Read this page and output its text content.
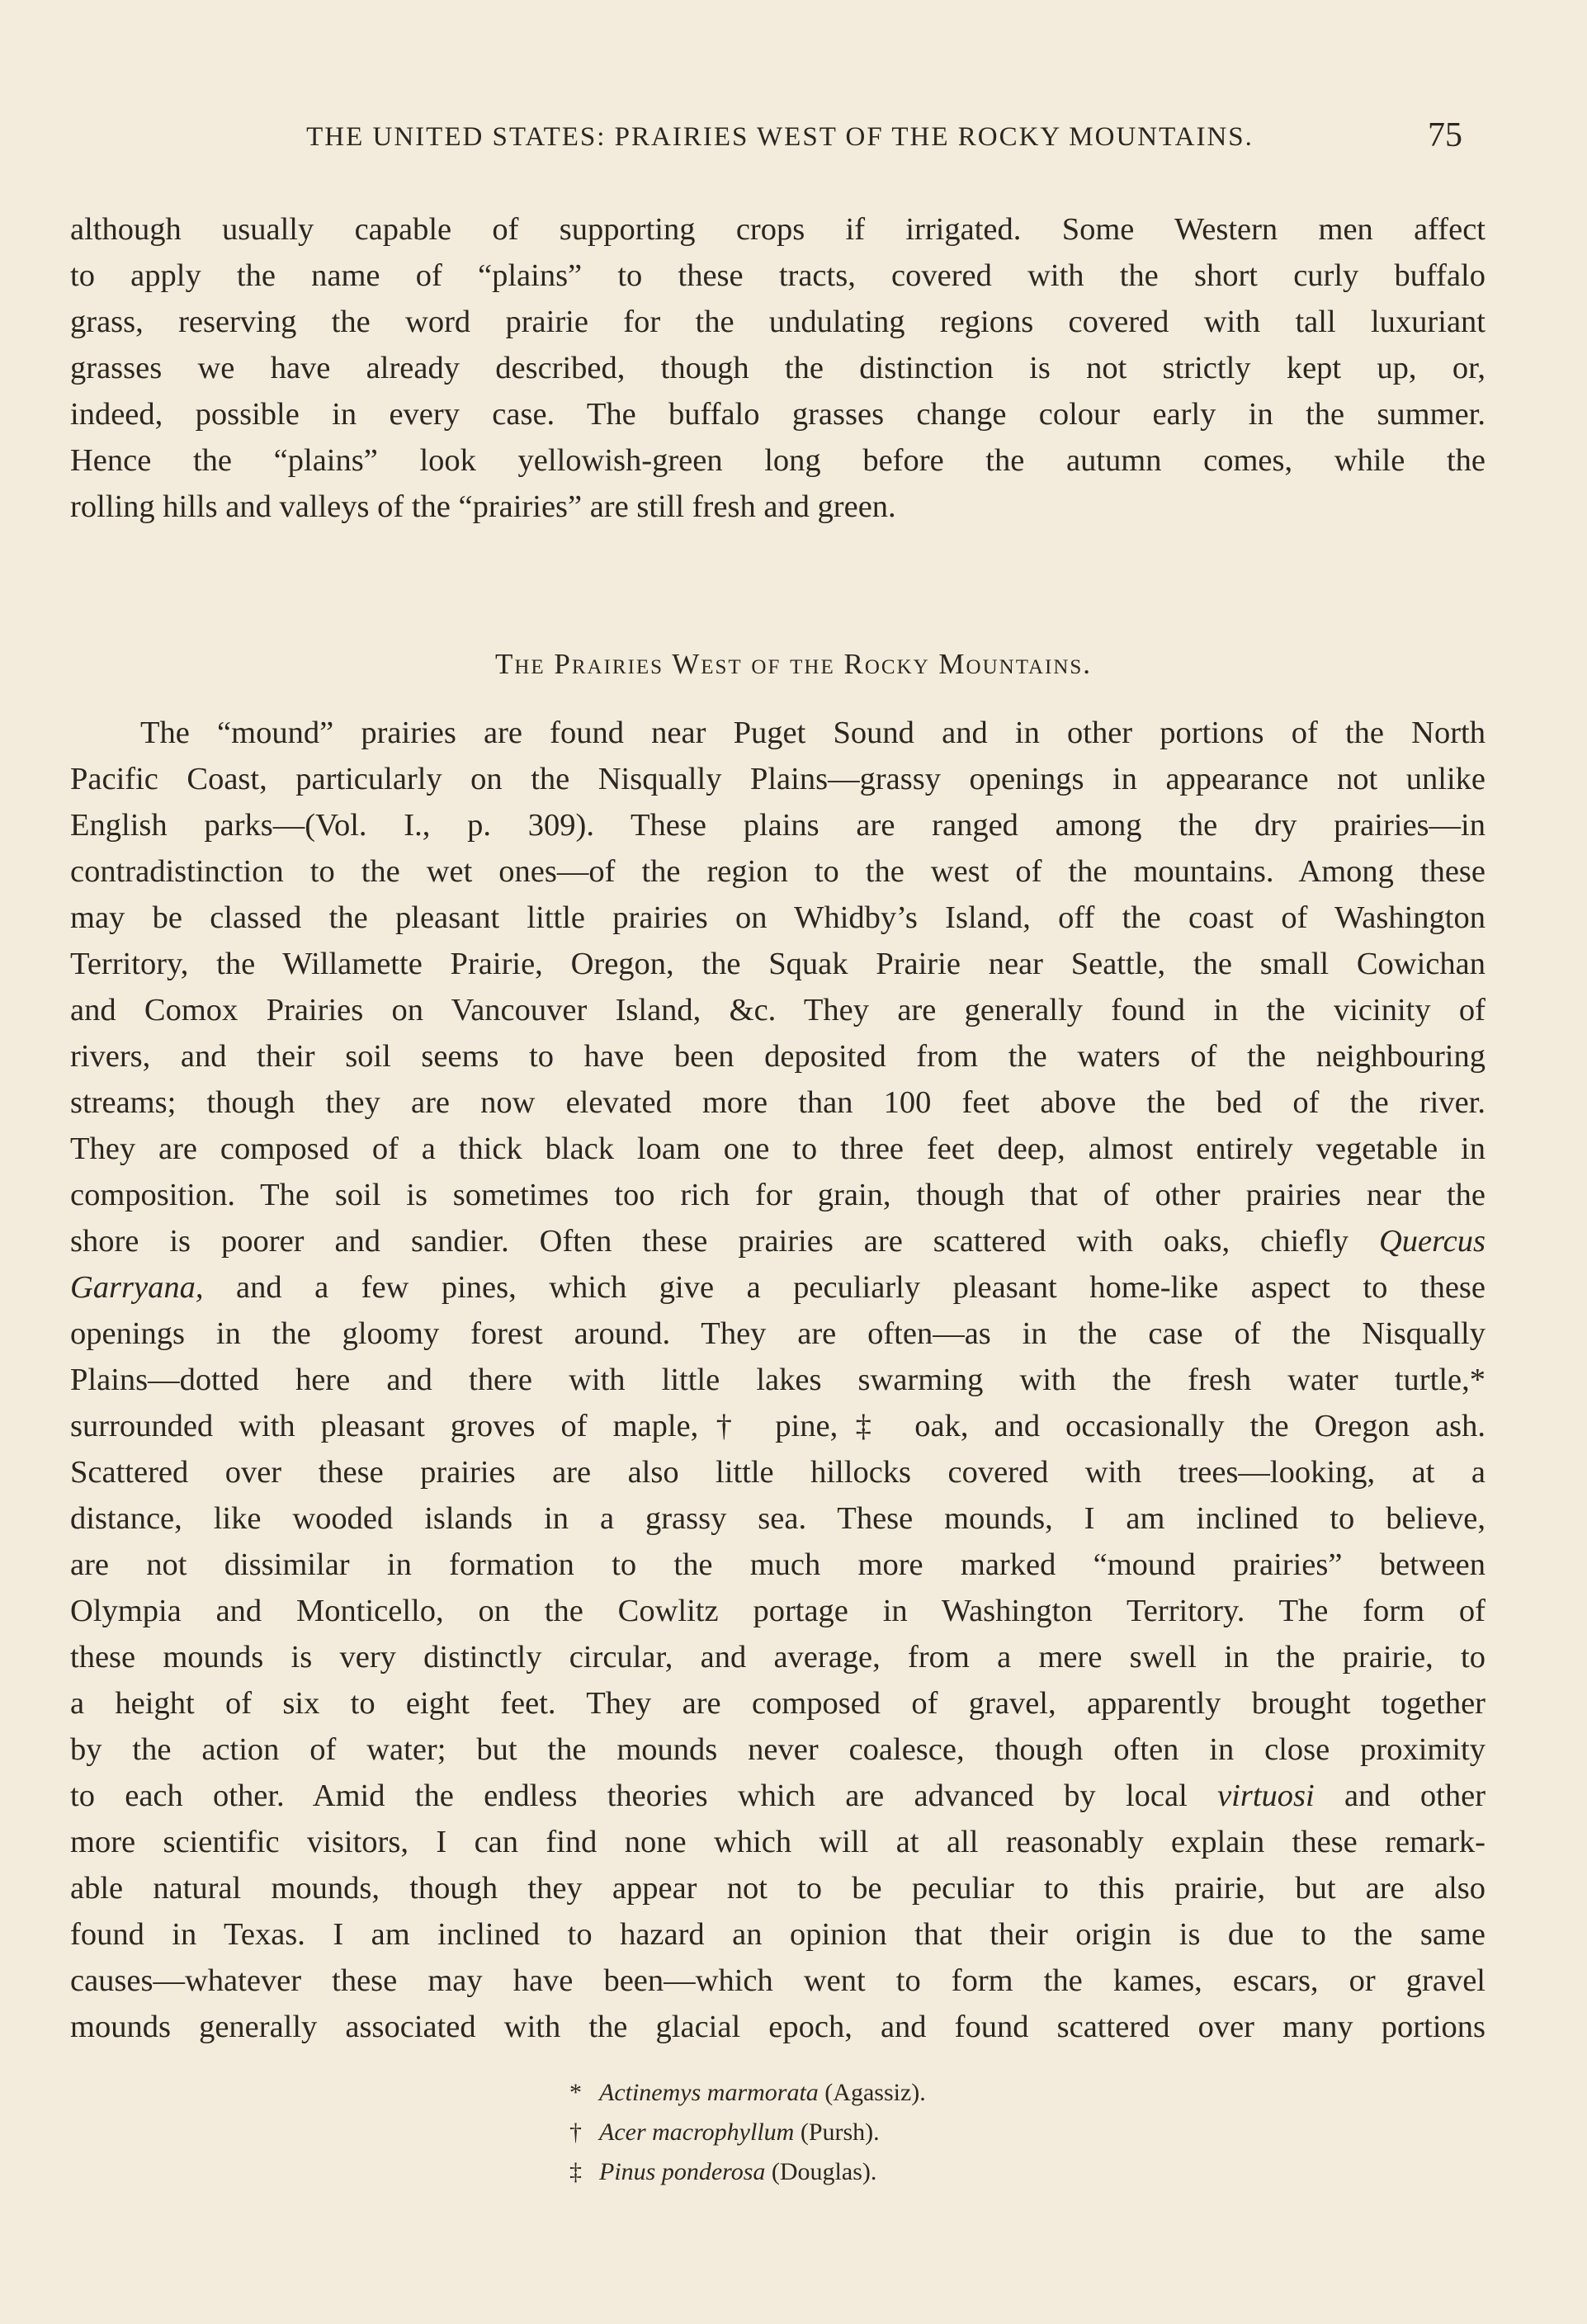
THE UNITED STATES: PRAIRIES WEST OF THE ROCKY MOUNTAINS.	75
although usually capable of supporting crops if irrigated. Some Western men affect
to apply the name of “plains” to these tracts, covered with the short curly buffalo
grass, reserving the word prairie for the undulating regions covered with tall luxuriant
grasses we have already described, though the distinction is not strictly kept up, or,
indeed, possible in every case. The buffalo grasses change colour early in the summer.
Hence the “plains” look yellowish-green long before the autumn comes, while the
rolling hills and valleys of the “prairies” are still fresh and green.
The Prairies West of the Rocky Mountains.
The “mound” prairies are found near Puget Sound and in other portions of the North
Pacific Coast, particularly on the Nisqually Plains—grassy openings in appearance not unlike
English parks—(Vol. I., p. 309). These plains are ranged among the dry prairies—in
contradistinction to the wet ones—of the region to the west of the mountains. Among these
may be classed the pleasant little prairies on Whidby’s Island, off the coast of Washington
Territory, the Willamette Prairie, Oregon, the Squak Prairie near Seattle, the small Cowichan
and Comox Prairies on Vancouver Island, &c. They are generally found in the vicinity of
rivers, and their soil seems to have been deposited from the waters of the neighbouring
streams; though they are now elevated more than 100 feet above the bed of the river.
They are composed of a thick black loam one to three feet deep, almost entirely vegetable in
composition. The soil is sometimes too rich for grain, though that of other prairies near the
shore is poorer and sandier. Often these prairies are scattered with oaks, chiefly Quercus
Garryana, and a few pines, which give a peculiarly pleasant home-like aspect to these
openings in the gloomy forest around. They are often—as in the case of the Nisqually
Plains—dotted here and there with little lakes swarming with the fresh water turtle,*
surrounded with pleasant groves of maple,† pine,‡ oak, and occasionally the Oregon ash.
Scattered over these prairies are also little hillocks covered with trees—looking, at a
distance, like wooded islands in a grassy sea. These mounds, I am inclined to believe,
are not dissimilar in formation to the much more marked “mound prairies” between
Olympia and Monticello, on the Cowlitz portage in Washington Territory. The form of
these mounds is very distinctly circular, and average, from a mere swell in the prairie, to
a height of six to eight feet. They are composed of gravel, apparently brought together
by the action of water; but the mounds never coalesce, though often in close proximity
to each other. Amid the endless theories which are advanced by local virtuosi and other
more scientific visitors, I can find none which will at all reasonably explain these remark-
able natural mounds, though they appear not to be peculiar to this prairie, but are also
found in Texas. I am inclined to hazard an opinion that their origin is due to the same
causes—whatever these may have been—which went to form the kames, escars, or gravel
mounds generally associated with the glacial epoch, and found scattered over many portions
* Actinemys marmorata (Agassiz).
† Acer macrophyllum (Pursh).
‡ Pinus ponderosa (Douglas).
